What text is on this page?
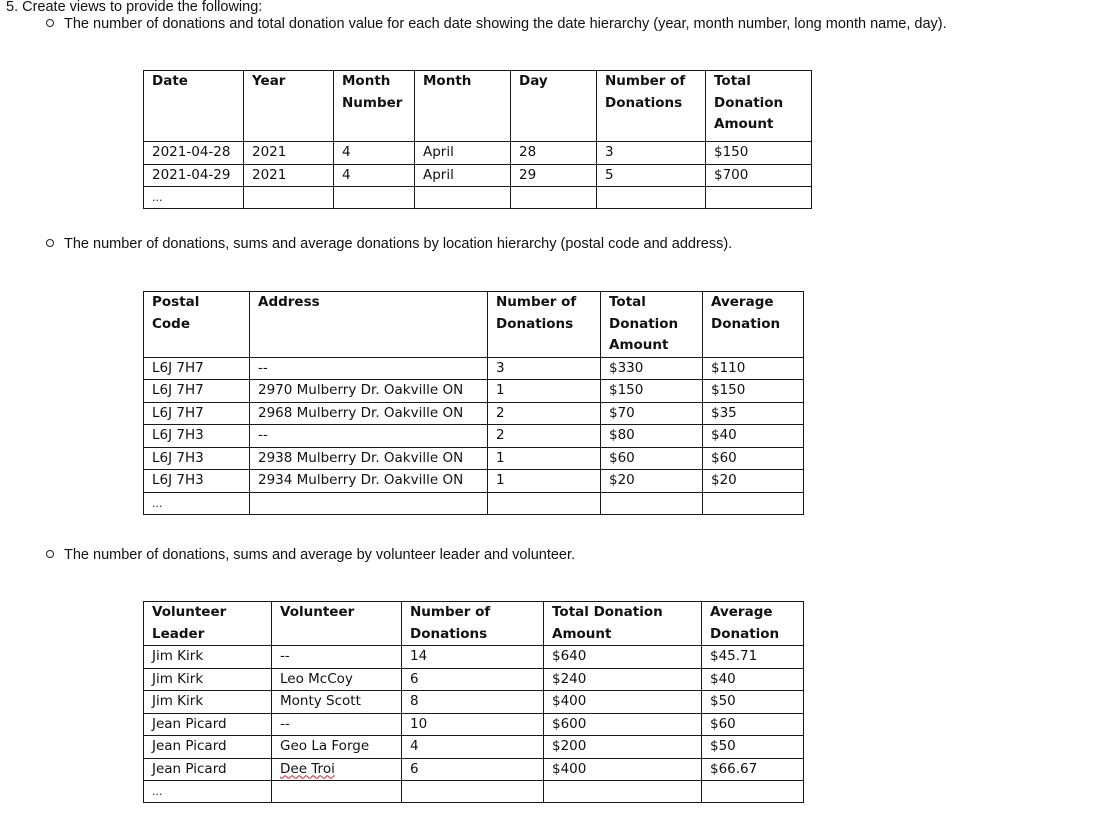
5. Create views to provide the following:
The number of donations and total donation value for each date showing the date hierarchy (year, month number, long month name, day).
Date	Year	Month Number	Month	Day	Number of Donations	Total Donation Amount
2021-04-28	2021	4	April	28	3	$150
2021-04-29	2021	4	April	29	5	$700
...						
The number of donations, sums and average donations by location hierarchy (postal code and address).
Postal Code	Address	Number of Donations	Total Donation Amount	Average Donation
L6J 7H7	--	3	$330	$110
L6J 7H7	2970 Mulberry Dr. Oakville ON	1	$150	$150
L6J 7H7	2968 Mulberry Dr. Oakville ON	2	$70	$35
L6J 7H3	--	2	$80	$40
L6J 7H3	2938 Mulberry Dr. Oakville ON	1	$60	$60
L6J 7H3	2934 Mulberry Dr. Oakville ON	1	$20	$20
...				
The number of donations, sums and average by volunteer leader and volunteer.
Volunteer Leader	Volunteer	Number of Donations	Total Donation Amount	Average Donation
Jim Kirk	--	14	$640	$45.71
Jim Kirk	Leo McCoy	6	$240	$40
Jim Kirk	Monty Scott	8	$400	$50
Jean Picard	--	10	$600	$60
Jean Picard	Geo La Forge	4	$200	$50
Jean Picard	Dee Troi	6	$400	$66.67
...				
